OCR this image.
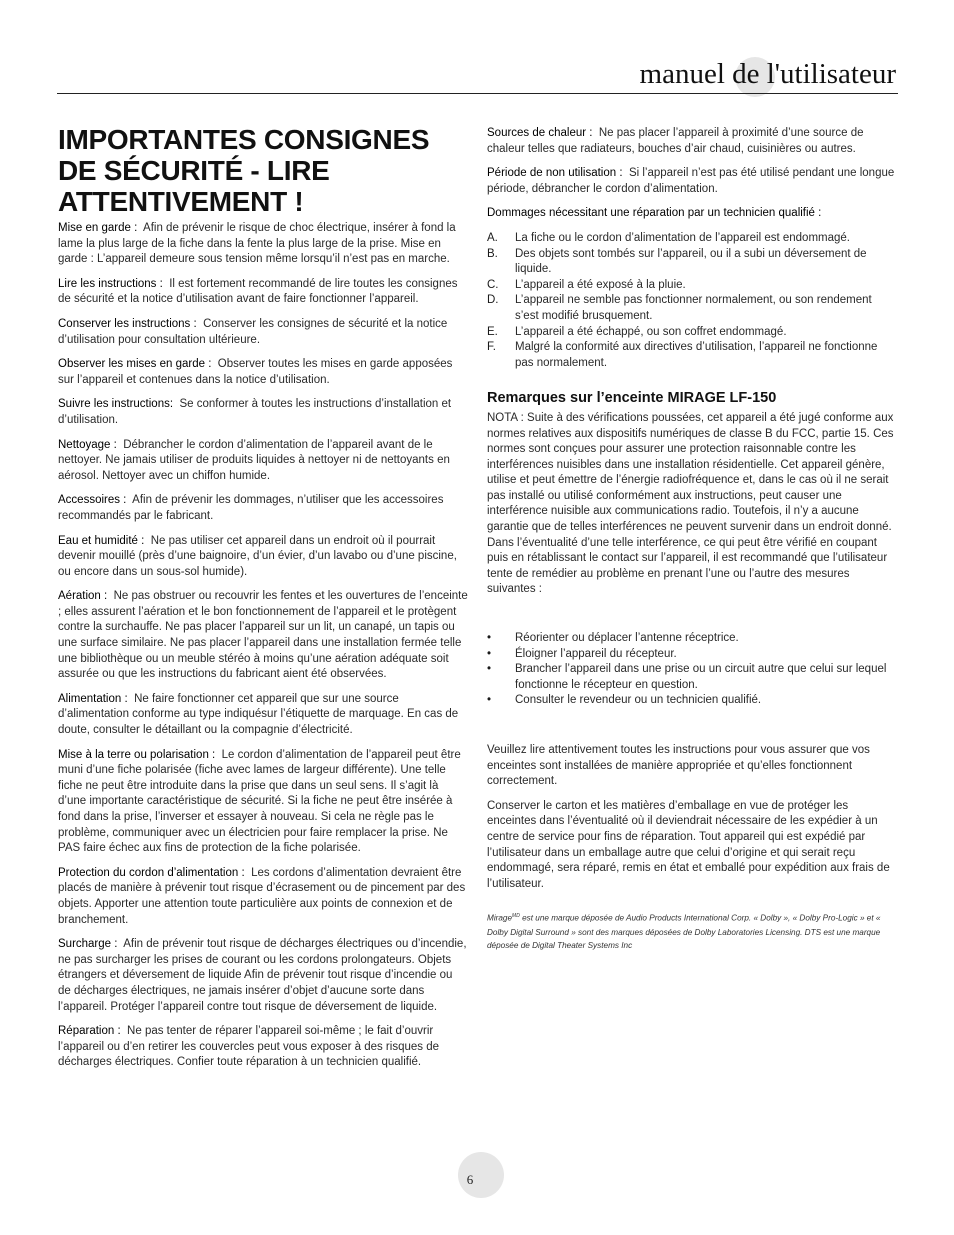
manuel de l'utilisateur
IMPORTANTES CONSIGNES DE SÉCURITÉ - LIRE ATTENTIVEMENT !

Mise en garde : Afin de prévenir le risque de choc électrique, insérer à fond la lame la plus large de la fiche dans la fente la plus large de la prise. Mise en garde : L’appareil demeure sous tension même lorsqu’il n’est pas en marche.

Lire les instructions : Il est fortement recommandé de lire toutes les consignes de sécurité et la notice d’utilisation avant de faire fonctionner l’appareil.

Conserver les instructions : Conserver les consignes de sécurité et la notice d’utilisation pour consultation ultérieure.

Observer les mises en garde : Observer toutes les mises en garde apposées sur l’appareil et contenues dans la notice d’utilisation.

Suivre les instructions: Se conformer à toutes les instructions d’installation et d’utilisation.

Nettoyage : Débrancher le cordon d’alimentation de l’appareil avant de le nettoyer. Ne jamais utiliser de produits liquides à nettoyer ni de nettoyants en aérosol. Nettoyer avec un chiffon humide.

Accessoires : Afin de prévenir les dommages, n’utiliser que les accessoires recommandés par le fabricant.

Eau et humidité : Ne pas utiliser cet appareil dans un endroit où il pourrait devenir mouillé (près d’une baignoire, d’un évier, d’un lavabo ou d’une piscine, ou encore dans un sous-sol humide).

Aération : Ne pas obstruer ou recouvrir les fentes et les ouvertures de l’enceinte ; elles assurent l’aération et le bon fonctionnement de l’appareil et le protègent contre la surchauffe. Ne pas placer l’appareil sur un lit, un canapé, un tapis ou une surface similaire. Ne pas placer l’appareil dans une installation fermée telle une bibliothèque ou un meuble stéréo à moins qu’une aération adéquate soit assurée ou que les instructions du fabricant aient été observées.

Alimentation : Ne faire fonctionner cet appareil que sur une source d’alimentation conforme au type indiquésur l’étiquette de marquage. En cas de doute, consulter le détaillant ou la compagnie d’électricité.

Mise à la terre ou polarisation : Le cordon d’alimentation de l’appareil peut être muni d’une fiche polarisée (fiche avec lames de largeur différente). Une telle fiche ne peut être introduite dans la prise que dans un seul sens. Il s’agit là d’une importante caractéristique de sécurité. Si la fiche ne peut être insérée à fond dans la prise, l’inverser et essayer à nouveau. Si cela ne règle pas le problème, communiquer avec un électricien pour faire remplacer la prise. Ne PAS faire échec aux fins de protection de la fiche polarisée.

Protection du cordon d’alimentation : Les cordons d’alimentation devraient être placés de manière à prévenir tout risque d’écrasement ou de pincement par des objets. Apporter une attention toute particulière aux points de connexion et de branchement.

Surcharge : Afin de prévenir tout risque de décharges électriques ou d’incendie, ne pas surcharger les prises de courant ou les cordons prolongateurs. Objets étrangers et déversement de liquide Afin de prévenir tout risque d’incendie ou de décharges électriques, ne jamais insérer d’objet d’aucune sorte dans l’appareil. Protéger l’appareil contre tout risque de déversement de liquide.

Réparation : Ne pas tenter de réparer l’appareil soi-même ; le fait d’ouvrir l’appareil ou d’en retirer les couvercles peut vous exposer à des risques de décharges électriques. Confier toute réparation à un technicien qualifié.

Sources de chaleur : Ne pas placer l’appareil à proximité d’une source de chaleur telles que radiateurs, bouches d’air chaud, cuisinières ou autres.

Période de non utilisation : Si l’appareil n’est pas été utilisé pendant une longue période, débrancher le cordon d’alimentation.

Dommages nécessitant une réparation par un technicien qualifié :

A. La fiche ou le cordon d’alimentation de l’appareil est endommagé.
B. Des objets sont tombés sur l’appareil, ou il a subi un déversement de liquide.
C. L’appareil a été exposé à la pluie.
D. L’appareil ne semble pas fonctionner normalement, ou son rendement s’est modifié brusquement.
E. L’appareil a été échappé, ou son coffret endommagé.
F. Malgré la conformité aux directives d’utilisation, l’appareil ne fonctionne pas normalement.
Remarques sur l’enceinte MIRAGE LF-150

NOTA : Suite à des vérifications poussées, cet appareil a été jugé conforme aux normes relatives aux dispositifs numériques de classe B du FCC, partie 15. Ces normes sont conçues pour assurer une protection raisonnable contre les interférences nuisibles dans une installation résidentielle. Cet appareil génère, utilise et peut émettre de l’énergie radiofréquence et, dans le cas où il ne serait pas installé ou utilisé conformément aux instructions, peut causer une interférence nuisible aux communications radio. Toutefois, il n’y a aucune garantie que de telles interférences ne peuvent survenir dans un endroit donné. Dans l’éventualité d’une telle interférence, ce qui peut être vérifié en coupant puis en rétablissant le contact sur l’appareil, il est recommandé que l’utilisateur tente de remédier au problème en prenant l’une ou l’autre des mesures suivantes :

• Réorienter ou déplacer l’antenne réceptrice.
• Éloigner l’appareil du récepteur.
• Brancher l’appareil dans une prise ou un circuit autre que celui sur lequel fonctionne le récepteur en question.
• Consulter le revendeur ou un technicien qualifié.

Veuillez lire attentivement toutes les instructions pour vous assurer que vos enceintes sont installées de manière appropriée et qu’elles fonctionnent correctement.

Conserver le carton et les matières d’emballage en vue de protéger les enceintes dans l’éventualité où il deviendrait nécessaire de les expédier à un centre de service pour fins de réparation. Tout appareil qui est expédié par l’utilisateur dans un emballage autre que celui d’origine et qui serait reçu endommagé, sera réparé, remis en état et emballé pour expédition aux frais de l’utilisateur.

Mirage$^{MD}$ est une marque déposée de Audio Products International Corp. « Dolby », « Dolby Pro-Logic » et « Dolby Digital Surround » sont des marques déposées de Dolby Laboratories Licensing. DTS est une marque déposée de Digital Theater Systems Inc
6
